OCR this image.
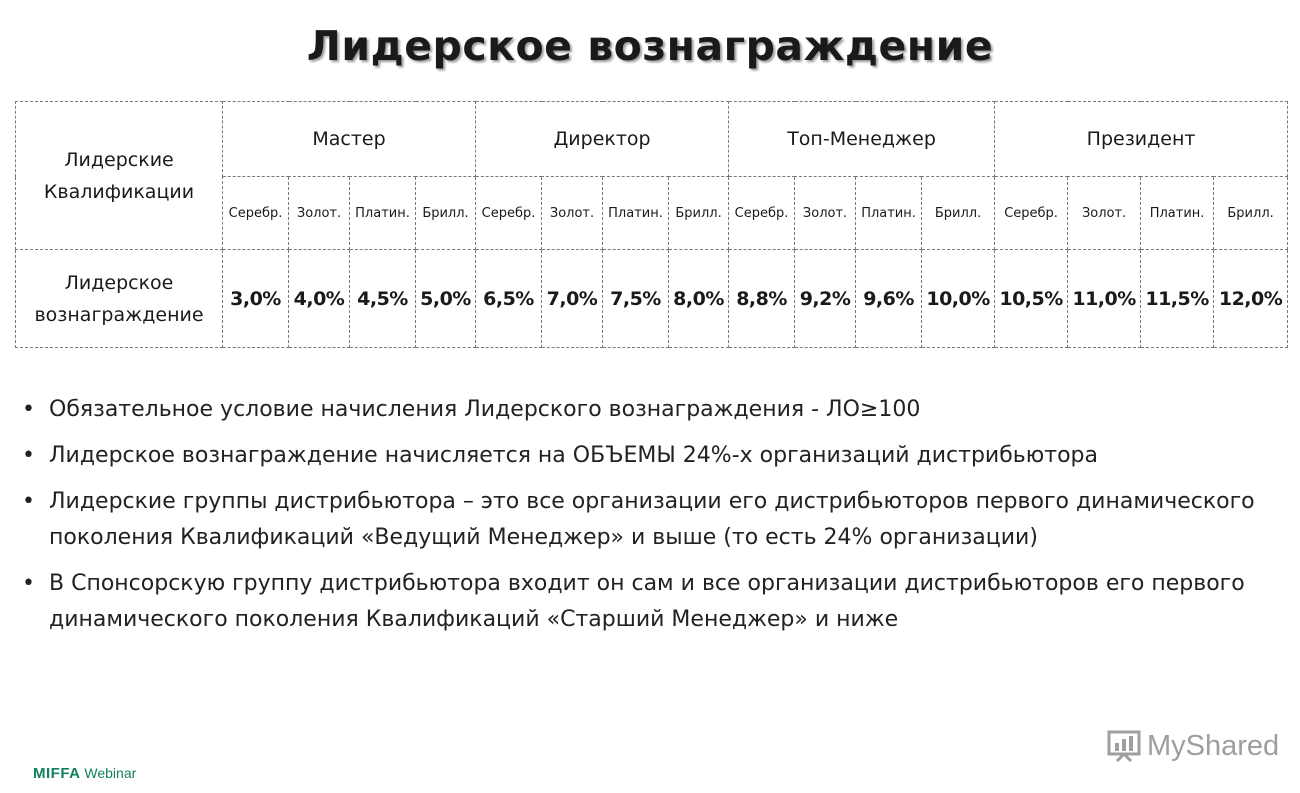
Лидерское вознаграждение
Лидерские Квалификации	Мастер				Директор				Топ-Менеджер				Президент			
	Серебр.	Золот.	Платин.	Брилл.	Серебр.	Золот.	Платин.	Брилл.	Серебр.	Золот.	Платин.	Брилл.	Серебр.	Золот.	Платин.	Брилл.
Лидерское вознаграждение	3,0%	4,0%	4,5%	5,0%	6,5%	7,0%	7,5%	8,0%	8,8%	9,2%	9,6%	10,0%	10,5%	11,0%	11,5%	12,0%
• Обязательное условие начисления Лидерского вознаграждения - ЛО≥100
• Лидерское вознаграждение начисляется на ОБЪЕМЫ 24%-х организаций дистрибьютора
• Лидерские группы дистрибьютора – это все организации его дистрибьюторов первого динамического поколения Квалификаций «Ведущий Менеджер» и выше (то есть 24% организации)
• В Спонсорскую группу дистрибьютора входит он сам и все организации дистрибьюторов его первого динамического поколения Квалификаций «Старший Менеджер» и ниже
MIFFA Webinar
MyShared
